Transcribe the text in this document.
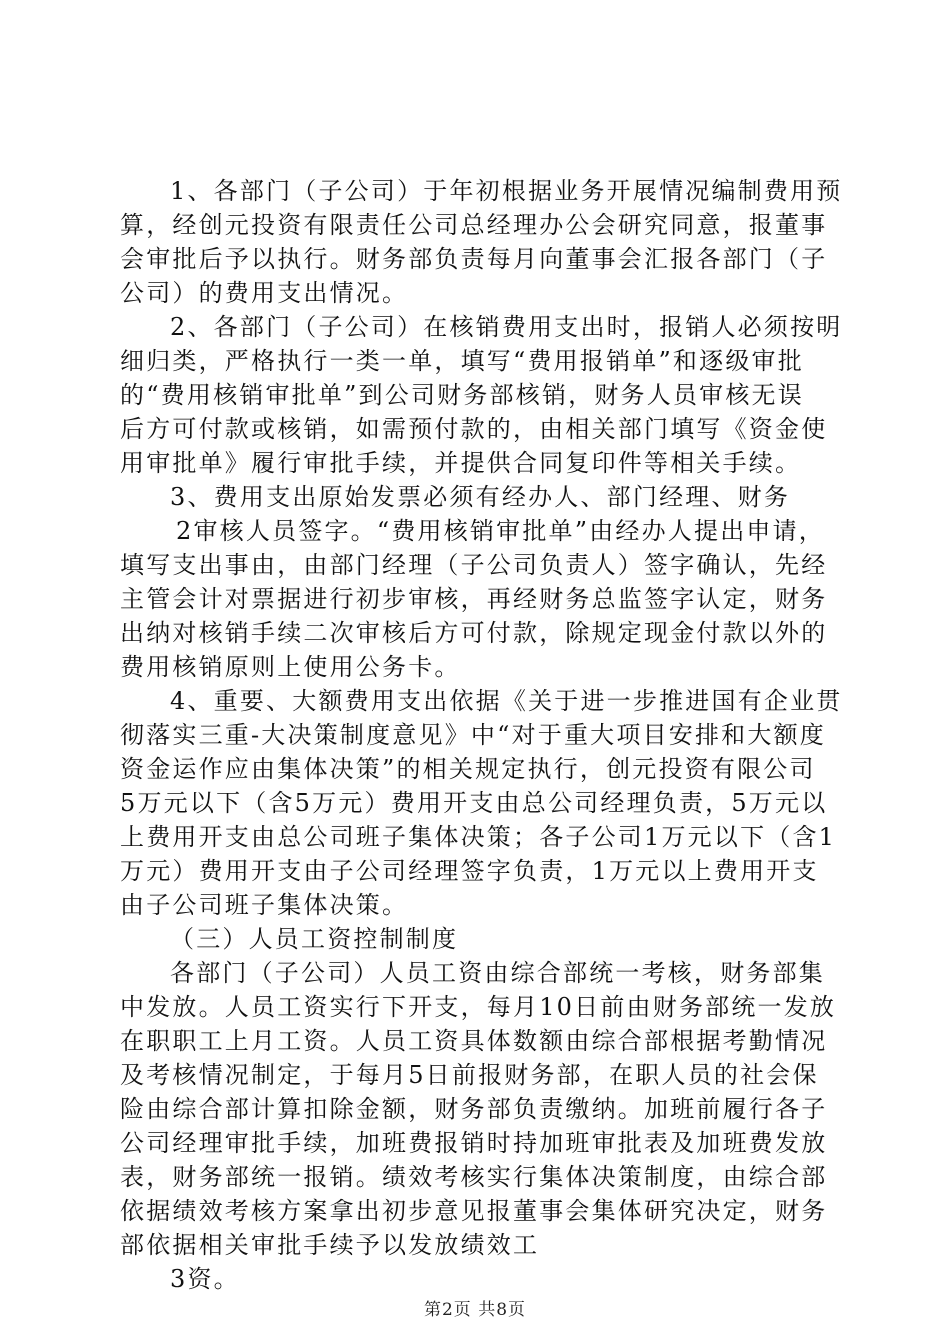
1、各部门（子公司）于年初根据业务开展情况编制费用预
算，经创元投资有限责任公司总经理办公会研究同意，报董事
会审批后予以执行。财务部负责每月向董事会汇报各部门（子
公司）的费用支出情况。
2、各部门（子公司）在核销费用支出时，报销人必须按明
细归类，严格执行一类一单，填写“费用报销单”和逐级审批
的“费用核销审批单”到公司财务部核销，财务人员审核无误
后方可付款或核销，如需预付款的，由相关部门填写《资金使
用审批单》履行审批手续，并提供合同复印件等相关手续。
3、费用支出原始发票必须有经办人、部门经理、财务
2审核人员签字。“费用核销审批单”由经办人提出申请，
填写支出事由，由部门经理（子公司负责人）签字确认，先经
主管会计对票据进行初步审核，再经财务总监签字认定，财务
出纳对核销手续二次审核后方可付款，除规定现金付款以外的
费用核销原则上使用公务卡。
4、重要、大额费用支出依据《关于进一步推进国有企业贯
彻落实三重-大决策制度意见》中“对于重大项目安排和大额度
资金运作应由集体决策”的相关规定执行，创元投资有限公司
5万元以下（含5万元）费用开支由总公司经理负责，5万元以
上费用开支由总公司班子集体决策；各子公司1万元以下（含1
万元）费用开支由子公司经理签字负责，1万元以上费用开支
由子公司班子集体决策。
（三）人员工资控制制度
各部门（子公司）人员工资由综合部统一考核，财务部集
中发放。人员工资实行下开支，每月10日前由财务部统一发放
在职职工上月工资。人员工资具体数额由综合部根据考勤情况
及考核情况制定，于每月5日前报财务部，在职人员的社会保
险由综合部计算扣除金额，财务部负责缴纳。加班前履行各子
公司经理审批手续，加班费报销时持加班审批表及加班费发放
表，财务部统一报销。绩效考核实行集体决策制度，由综合部
依据绩效考核方案拿出初步意见报董事会集体研究决定，财务
部依据相关审批手续予以发放绩效工
3资。
第2页 共8页
